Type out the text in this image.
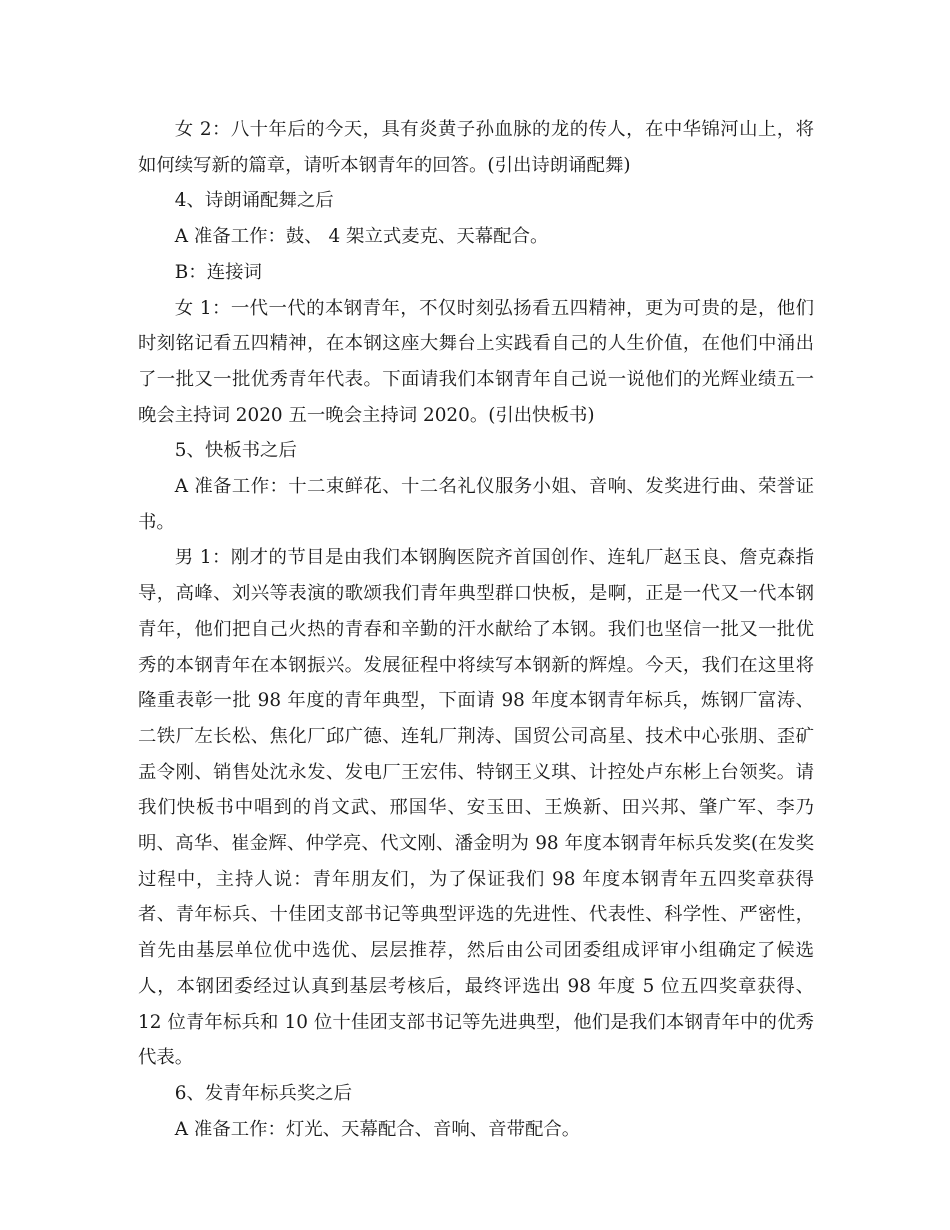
女 2：八十年后的今天，具有炎黄子孙血脉的龙的传人，在中华锦河山上，将如何续写新的篇章，请听本钢青年的回答。(引出诗朗诵配舞)

4、诗朗诵配舞之后

A 准备工作：鼓、 4 架立式麦克、天幕配合。

B：连接词

女 1：一代一代的本钢青年，不仅时刻弘扬看五四精神，更为可贵的是，他们时刻铭记看五四精神，在本钢这座大舞台上实践看自己的人生价值，在他们中涌出了一批又一批优秀青年代表。下面请我们本钢青年自己说一说他们的光辉业绩五一晚会主持词 2020 五一晚会主持词 2020。(引出快板书)

5、快板书之后

A 准备工作：十二束鲜花、十二名礼仪服务小姐、音响、发奖进行曲、荣誉证书。

男 1：刚才的节目是由我们本钢胸医院齐首国创作、连轧厂赵玉良、詹克森指导，高峰、刘兴等表演的歌颂我们青年典型群口快板，是啊，正是一代又一代本钢青年，他们把自己火热的青春和辛勤的汗水献给了本钢。我们也坚信一批又一批优秀的本钢青年在本钢振兴。发展征程中将续写本钢新的辉煌。今天，我们在这里将隆重表彰一批 98 年度的青年典型，下面请 98 年度本钢青年标兵，炼钢厂富涛、二铁厂左长松、焦化厂邱广德、连轧厂荆涛、国贸公司高星、技术中心张朋、歪矿盂令刚、销售处沈永发、发电厂王宏伟、特钢王义琪、计控处卢东彬上台领奖。请我们快板书中唱到的肖文武、邢国华、安玉田、王焕新、田兴邦、肇广军、李乃明、高华、崔金辉、仲学亮、代文刚、潘金明为 98 年度本钢青年标兵发奖(在发奖过程中，主持人说：青年朋友们，为了保证我们 98 年度本钢青年五四奖章获得者、青年标兵、十佳团支部书记等典型评选的先进性、代表性、科学性、严密性，首先由基层单位优中选优、层层推荐，然后由公司团委组成评审小组确定了候选人，本钢团委经过认真到基层考核后，最终评选出 98 年度 5 位五四奖章获得、 12 位青年标兵和 10 位十佳团支部书记等先进典型，他们是我们本钢青年中的优秀代表。

6、发青年标兵奖之后

A 准备工作：灯光、天幕配合、音响、音带配合。
